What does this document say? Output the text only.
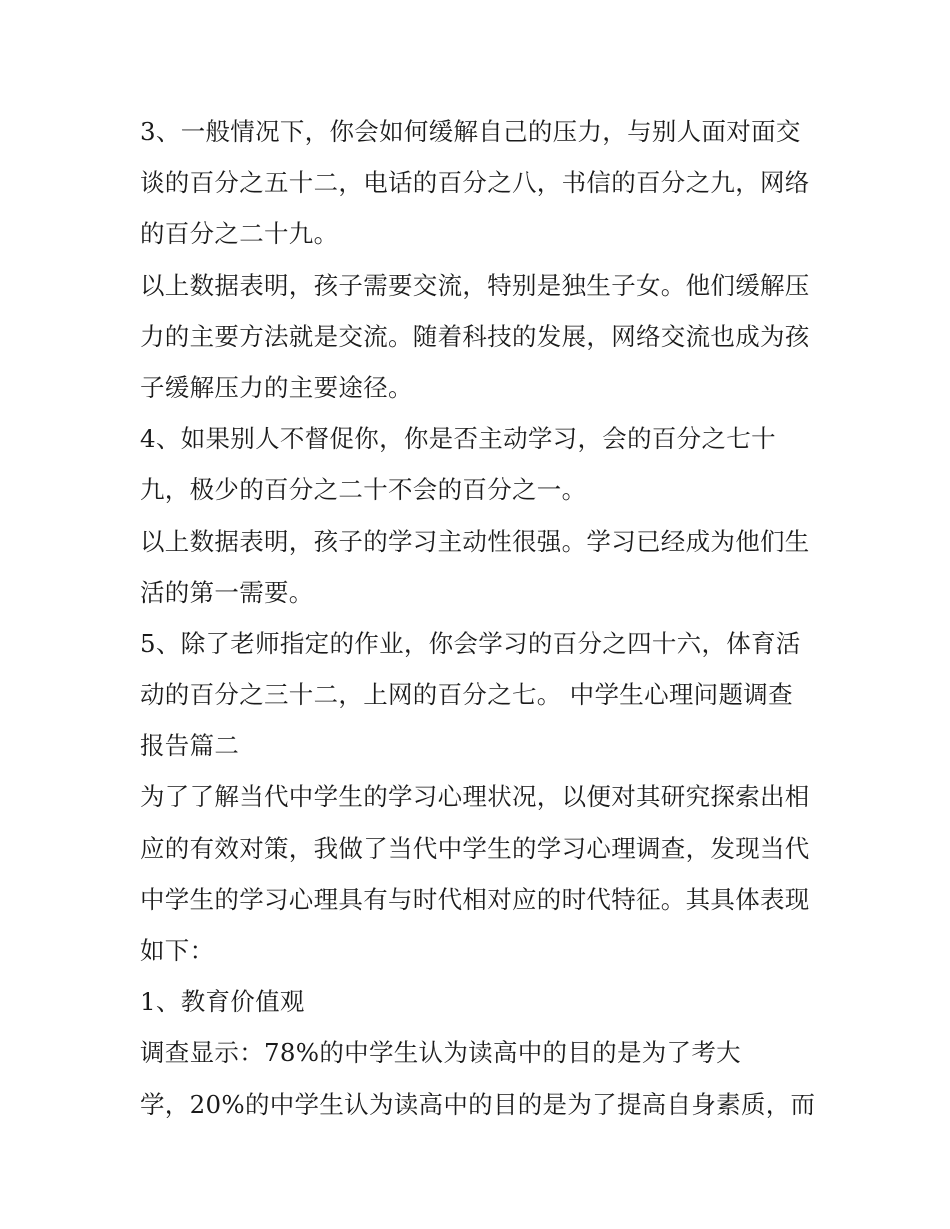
3、一般情况下，你会如何缓解自己的压力，与别人面对面交
谈的百分之五十二，电话的百分之八，书信的百分之九，网络
的百分之二十九。
以上数据表明，孩子需要交流，特别是独生子女。他们缓解压
力的主要方法就是交流。随着科技的发展，网络交流也成为孩
子缓解压力的主要途径。
4、如果别人不督促你，你是否主动学习，会的百分之七十
九，极少的百分之二十不会的百分之一。
以上数据表明，孩子的学习主动性很强。学习已经成为他们生
活的第一需要。
5、除了老师指定的作业，你会学习的百分之四十六，体育活
动的百分之三十二，上网的百分之七。 中学生心理问题调查
报告篇二
为了了解当代中学生的学习心理状况，以便对其研究探索出相
应的有效对策，我做了当代中学生的学习心理调查，发现当代
中学生的学习心理具有与时代相对应的时代特征。其具体表现
如下：
1、教育价值观
调查显示：78%的中学生认为读高中的目的是为了考大
学，20%的中学生认为读高中的目的是为了提高自身素质，而
